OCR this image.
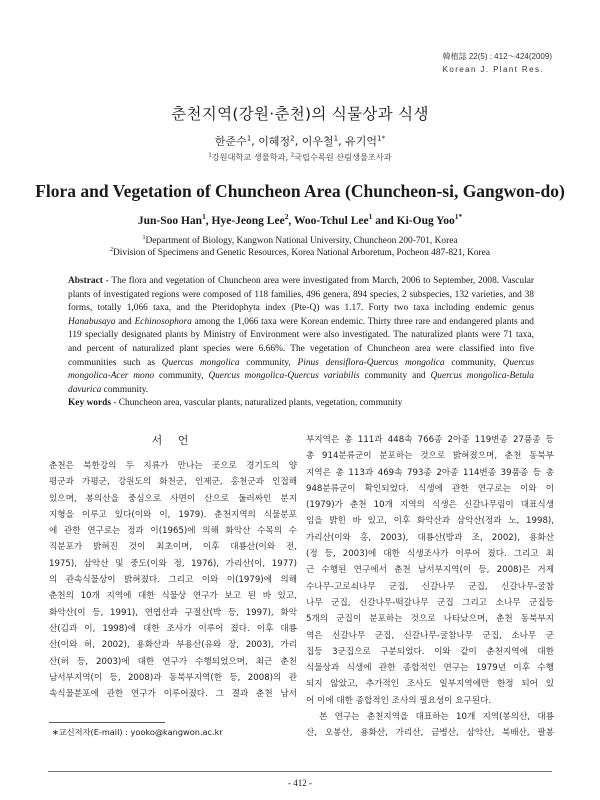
韓植誌 22(5) : 412～424(2009)
Korean J. Plant Res.
춘천지역(강원·춘천)의 식물상과 식생
한준수$^1$, 이혜정$^2$, 이우철$^1$, 유기억$^{1*}$
$^1$강원대학교 생물학과, $^2$국립수목원 산림생물조사과
Flora and Vegetation of Chuncheon Area (Chuncheon-si, Gangwon-do)
Jun-Soo Han$^1$, Hye-Jeong Lee$^2$, Woo-Tchul Lee$^1$ and Ki-Oug Yoo$^{1*}$
$^1$Department of Biology, Kangwon National University, Chuncheon 200-701, Korea
$^2$Division of Specimens and Genetic Resources, Korea National Arboretum, Pocheon 487-821, Korea
Abstract - The flora and vegetation of Chuncheon area were investigated from March, 2006 to September, 2008. Vascular plants of investigated regions were composed of 118 families, 496 genera, 894 species, 2 subspecies, 132 varieties, and 38 forms, totally 1,066 taxa, and the Pteridophyta index (Pte-Q) was 1.17. Forty two taxa including endemic genus Hanabusaya and Echinosophora among the 1,066 taxa were Korean endemic. Thirty three rare and endangered plants and 119 specially designated plants by Ministry of Environment were also investigated. The naturalized plants were 71 taxa, and percent of naturalized plant species were 6.66%. The vegetation of Chuncheon area were classified into five communities such as Quercus mongolica community, Pinus densiflora-Quercus mongolica community, Quercus mongolica-Acer mono community, Quercus mongolica-Quercus variabilis community and Quercus mongolica-Betula davurica community.
Key words - Chuncheon area, vascular plants, naturalized plants, vegetation, community
서 언
춘천은 북한강의 두 지류가 만나는 곳으로 경기도의 양
평군과 가평군, 강원도의 화천군, 인제군, 홍천군과 인접해
있으며, 봉의산을 중심으로 사면이 산으로 둘러싸인 분지
지형을 이루고 있다(이와 이, 1979). 춘천지역의 식물분포
에 관한 연구로는 정과 이(1965)에 의해 화악산 수목의 수
직분포가 밝혀진 것이 최초이며, 이후 대룡산(이와 전,
1975), 삼악산 및 중도(이와 정, 1976), 가리산(이, 1977)
의 관속식물상이 밝혀졌다. 그리고 이와 이(1979)에 의해
춘천의 10개 지역에 대한 식물상 연구가 보고 된 바 있고,
화악산(이 등, 1991), 연엽산과 구절산(박 등, 1997), 화악
산(김과 이, 1998)에 대한 조사가 이루어 졌다. 이후 대룡
산(이와 허, 2002), 용화산과 부용산(유와 장, 2003), 가리
산(허 등, 2003)에 대한 연구가 수행되었으며, 최근 춘천
남서부지역(이 등, 2008)과 동북부지역(한 등, 2008)의 관
속식물분포에 관한 연구가 이루어졌다. 그 결과 춘천 남서
부지역은 총 111과 448속 766종 2아종 119변종 27품종 등
총 914분류군이 분포하는 것으로 밝혀졌으며, 춘천 동북부
지역은 총 113과 469속 793종 2아종 114변종 39품종 등 총
948분류군이 확인되었다. 식생에 관한 연구로는 이와 이
(1979)가 춘천 10개 지역의 식생은 신갈나무림이 대표식생
임을 밝힌 바 있고, 이후 화악산과 삼악산(정과 노, 1998),
가리산(이와 홍, 2003), 대룡산(방과 조, 2002), 용화산
(정 등, 2003)에 대한 식생조사가 이루어 졌다. 그리고 최
근 수행된 연구에서 춘천 남서부지역(이 등, 2008)은 거제
수나무-고로쇠나무 군집, 신갈나무 군집, 신갈나무-굴참
나무 군집, 신갈나무-떡갈나무 군집 그리고 소나무 군집등
5개의 군집이 분포하는 것으로 나타났으며, 춘천 동북부지
역은 신갈나무 군집, 신갈나무-굴참나무 군집, 소나무 군
집등 3군집으로 구분되었다. 이와 같이 춘천지역에 대한
식물상과 식생에 관한 종합적인 연구는 1979년 이후 수행
되지 않았고, 추가적인 조사도 일부지역에만 한정 되어 있
어 이에 대한 종합적인 조사의 필요성이 요구된다.
　본 연구는 춘천지역을 대표하는 10개 지역(봉의산, 대룡
산, 오봉산, 용화산, 가리산, 금병산, 삼악산, 북배산, 팔봉
∗교신저자(E-mail) : yooko@kangwon.ac.kr
- 412 -
